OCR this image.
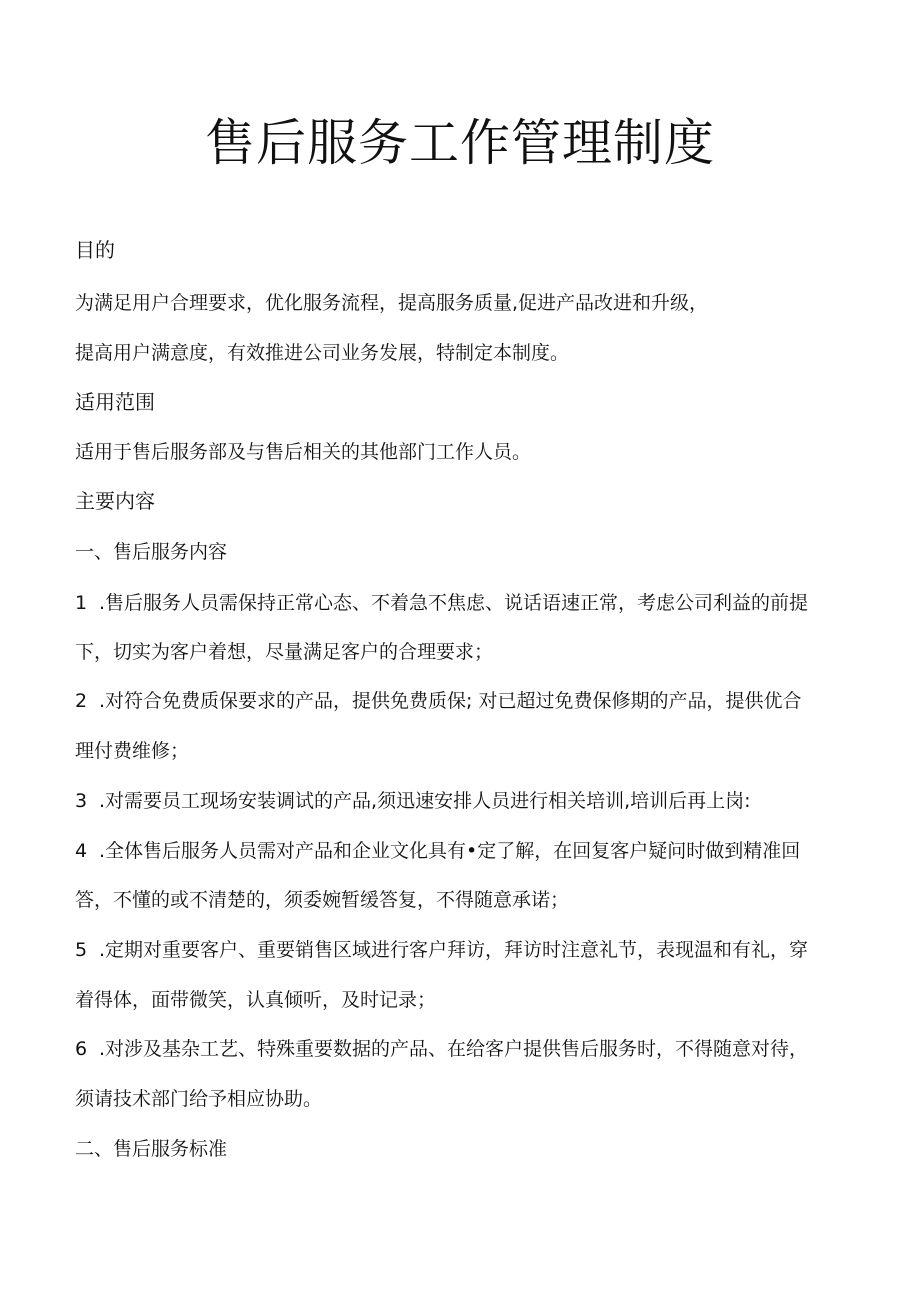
售后服务工作管理制度
目的
为满足用户合理要求，优化服务流程，提高服务质量,促进产品改进和升级，
提高用户满意度，有效推进公司业务发展，特制定本制度。
适用范围
适用于售后服务部及与售后相关的其他部门工作人员。
主要内容
一、售后服务内容
1 .售后服务人员需保持正常心态、不着急不焦虑、说话语速正常，考虑公司利益的前提
下，切实为客户着想，尽量满足客户的合理要求；
2 .对符合免费质保要求的产品，提供免费质保; 对已超过免费保修期的产品，提供优合
理付费维修；
3 .对需要员工现场安装调试的产品,须迅速安排人员进行相关培训,培训后再上岗:
4 .全体售后服务人员需对产品和企业文化具有•定了解，在回复客户疑问时做到精准回
答，不懂的或不清楚的，须委婉暂缓答复，不得随意承诺；
5 .定期对重要客户、重要销售区域进行客户拜访，拜访时注意礼节，表现温和有礼，穿
着得体，面带微笑，认真倾听，及时记录；
6 .对涉及基杂工艺、特殊重要数据的产品、在给客户提供售后服务时，不得随意对待，
须请技术部门给予相应协助。
二、售后服务标准
